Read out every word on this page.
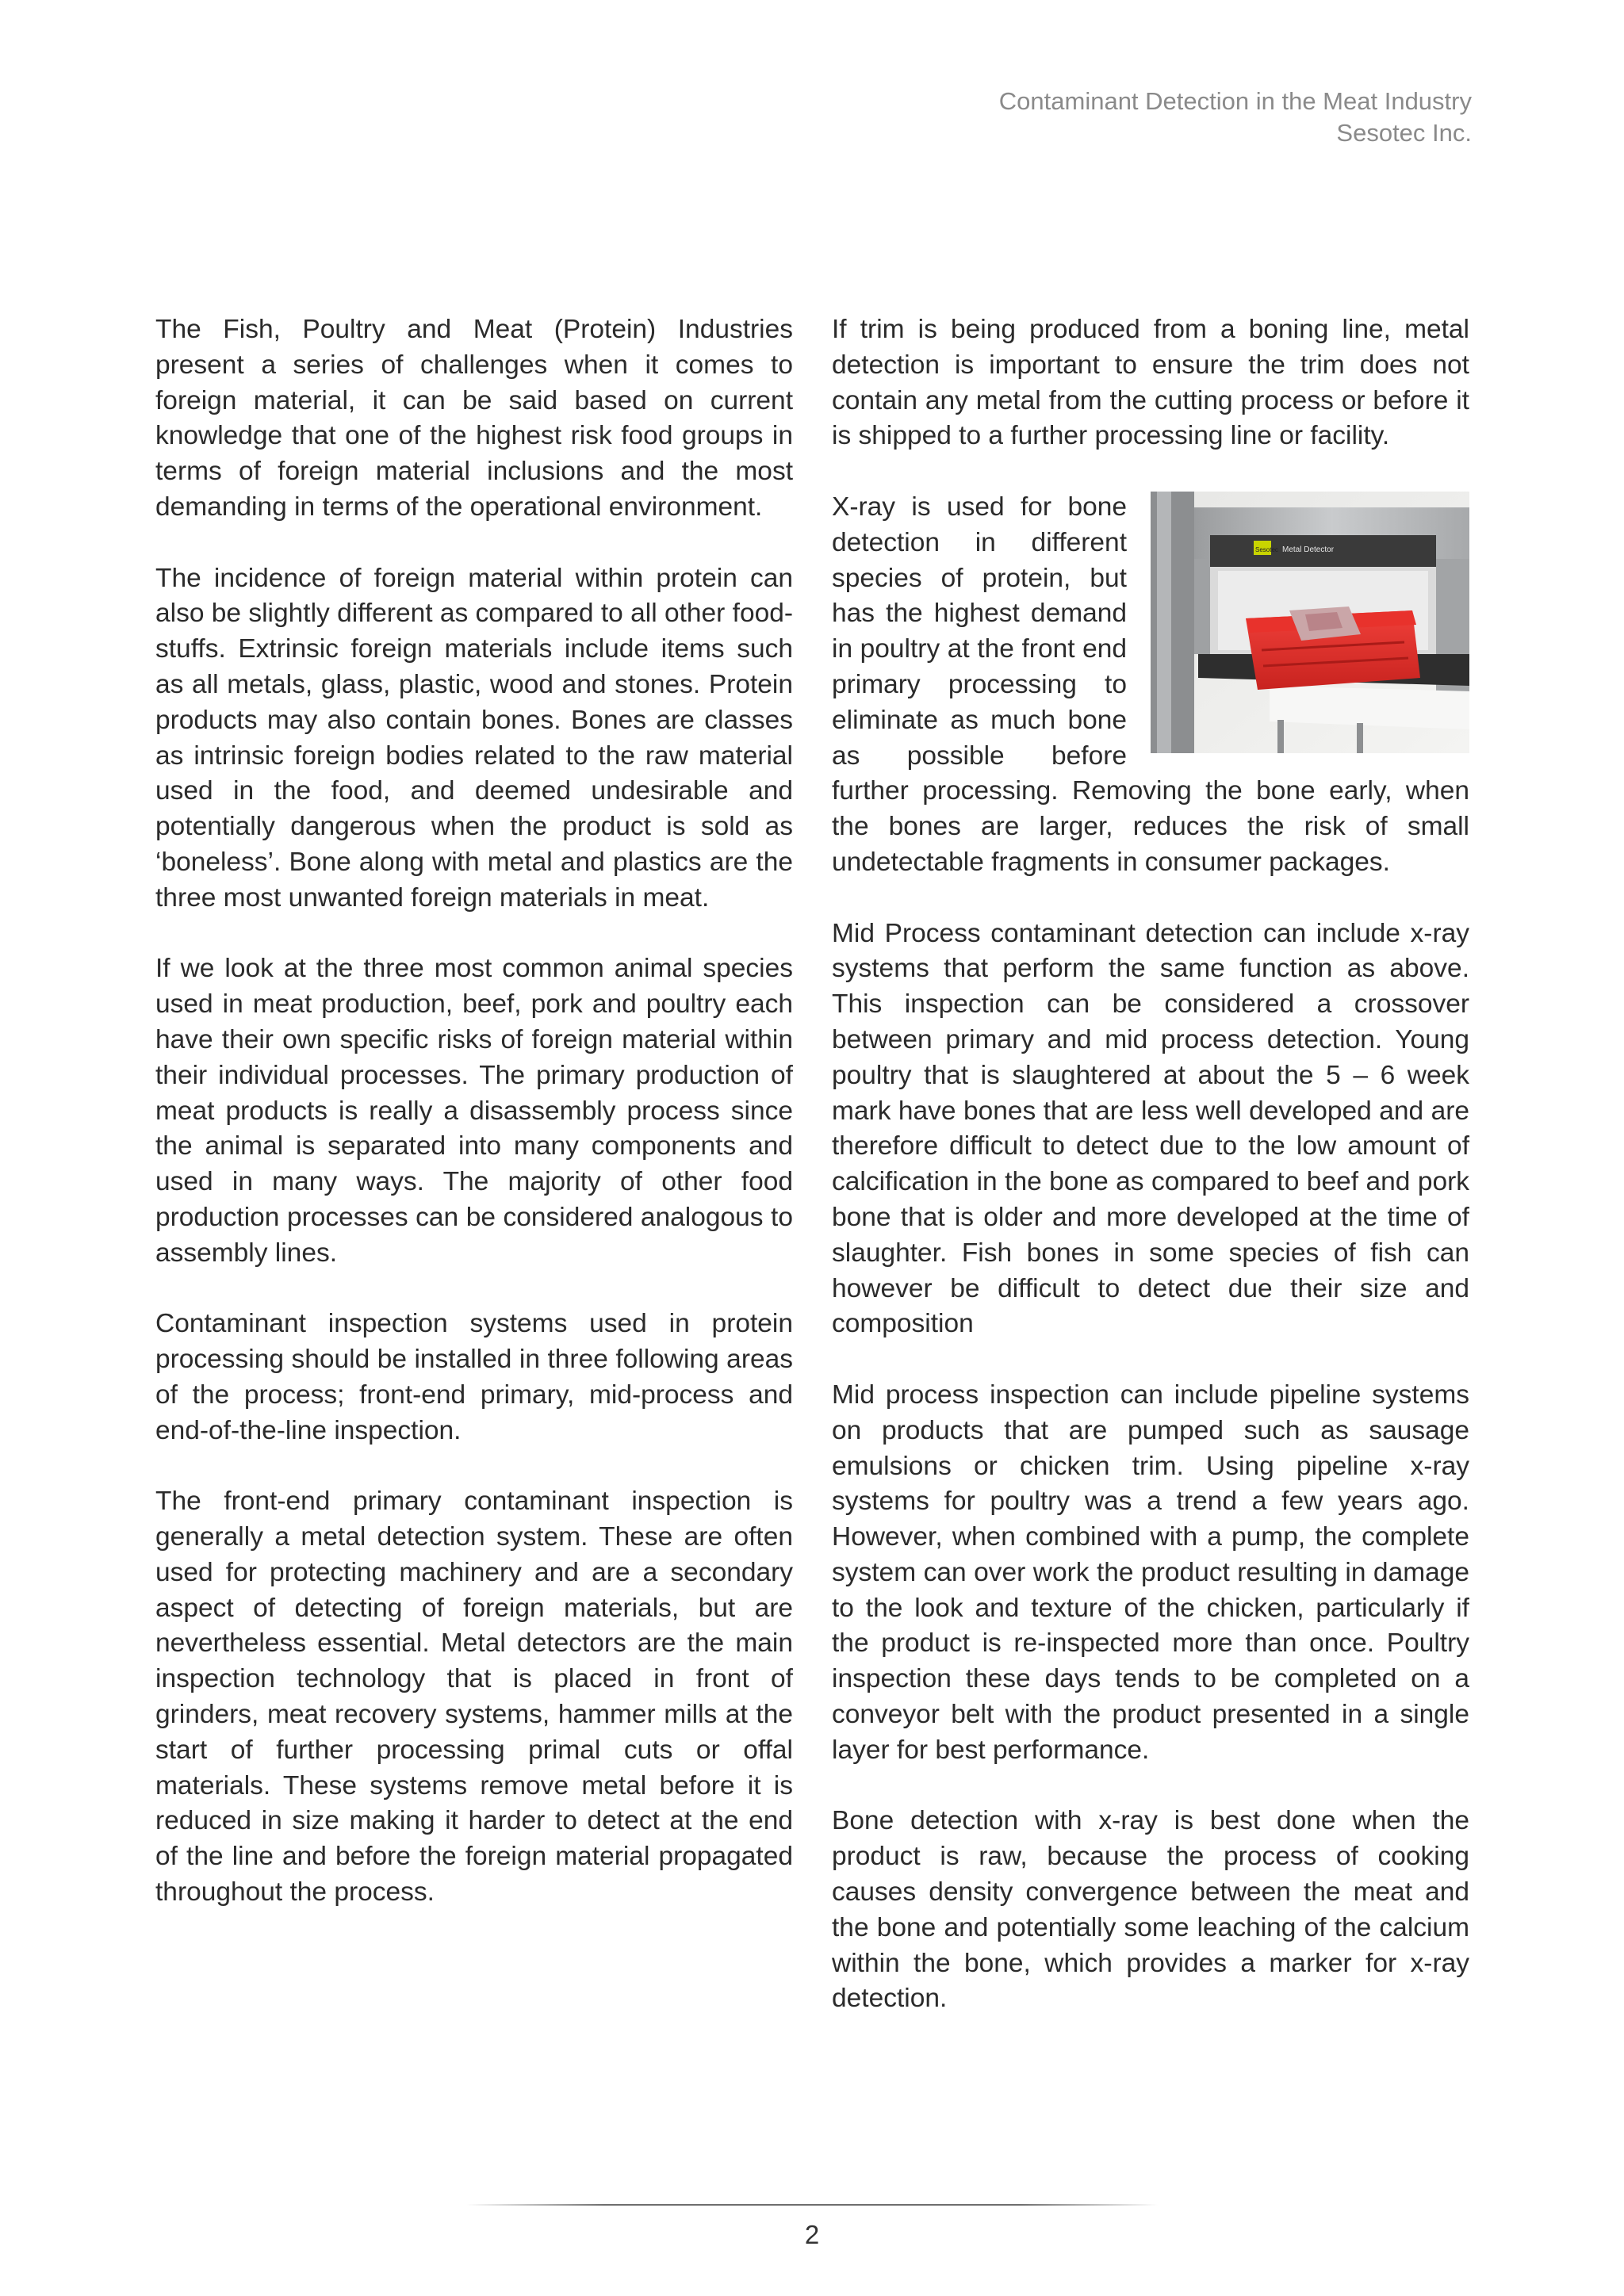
Contaminant Detection in the Meat Industry
Sesotec Inc.

The Fish, Poultry and Meat (Protein) Industries present a series of challenges when it comes to foreign material, it can be said based on current knowledge that one of the highest risk food groups in terms of foreign material inclusions and the most demanding in terms of the operational environment.

The incidence of foreign material within protein can also be slightly different as compared to all other food-stuffs. Extrinsic foreign materials include items such as all metals, glass, plastic, wood and stones. Protein products may also contain bones. Bones are classes as intrinsic foreign bodies related to the raw material used in the food, and deemed undesirable and potentially dangerous when the product is sold as ‘boneless’. Bone along with metal and plastics are the three most unwanted foreign materials in meat.

If we look at the three most common animal species used in meat production, beef, pork and poultry each have their own specific risks of foreign material within their individual processes. The primary production of meat products is really a disassembly process since the animal is separated into many components and used in many ways. The majority of other food production processes can be considered analogous to assembly lines.

Contaminant inspection systems used in protein processing should be installed in three following areas of the process; front-end primary, mid-process and end-of-the-line inspection.

The front-end primary contaminant inspection is generally a metal detection system. These are often used for protecting machinery and are a secondary aspect of detecting of foreign materials, but are nevertheless essential. Metal detectors are the main inspection technology that is placed in front of grinders, meat recovery systems, hammer mills at the start of further processing primal cuts or offal materials. These systems remove metal before it is reduced in size making it harder to detect at the end of the line and before the foreign material propagated throughout the process.

If trim is being produced from a boning line, metal detection is important to ensure the trim does not contain any metal from the cutting process or before it is shipped to a further processing line or facility.

Sesotec Metal Detector
X-ray is used for bone detection in different species of protein, but has the highest demand in poultry at the front end primary processing to eliminate as much bone as possible before further processing. Removing the bone early, when the bones are larger, reduces the risk of small undetectable fragments in consumer packages.

Mid Process contaminant detection can include x-ray systems that perform the same function as above. This inspection can be considered a crossover between primary and mid process detection. Young poultry that is slaughtered at about the 5 – 6 week mark have bones that are less well developed and are therefore difficult to detect due to the low amount of calcification in the bone as compared to beef and pork bone that is older and more developed at the time of slaughter. Fish bones in some species of fish can however be difficult to detect due their size and composition

Mid process inspection can include pipeline systems on products that are pumped such as sausage emulsions or chicken trim. Using pipeline x-ray systems for poultry was a trend a few years ago. However, when combined with a pump, the complete system can over work the product resulting in damage to the look and texture of the chicken, particularly if the product is re-inspected more than once. Poultry inspection these days tends to be completed on a conveyor belt with the product presented in a single layer for best performance.

Bone detection with x-ray is best done when the product is raw, because the process of cooking causes density convergence between the meat and the bone and potentially some leaching of the calcium within the bone, which provides a marker for x-ray detection.

2
